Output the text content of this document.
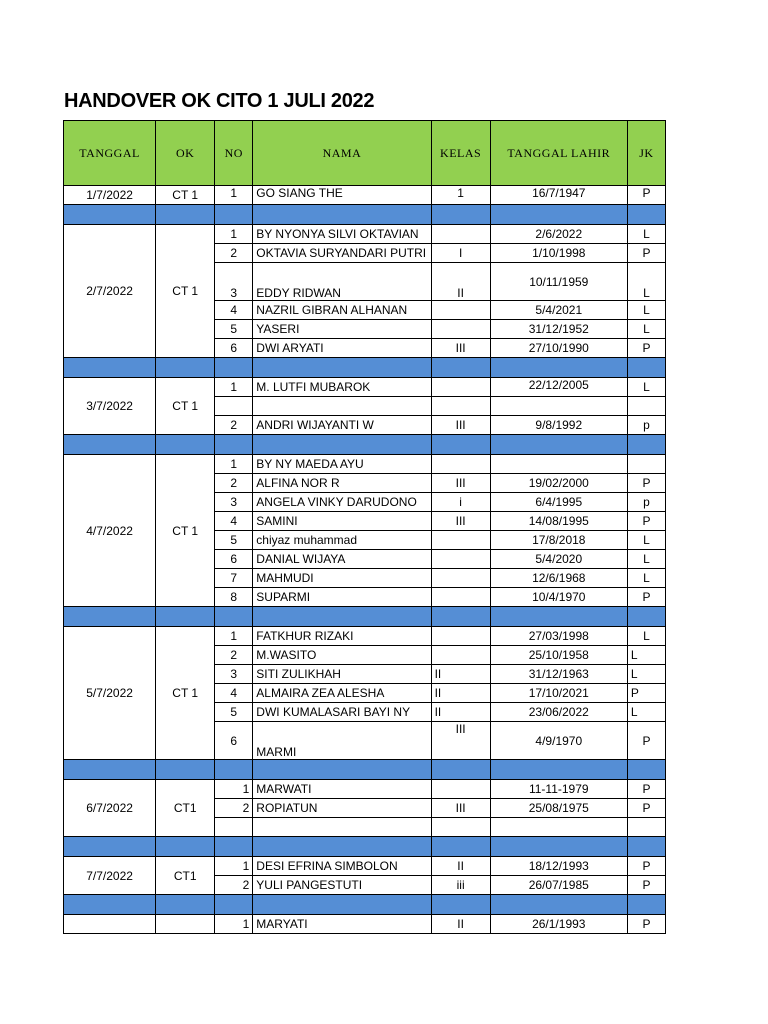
HANDOVER OK CITO 1 JULI 2022
TANGGAL	OK	NO	NAMA	KELAS	TANGGAL LAHIR	JK
1/7/2022	CT 1	1	GO SIANG THE	1	16/7/1947	P

2/7/2022	CT 1	1	BY NYONYA SILVI OKTAVIAN		2/6/2022	L
		2	OKTAVIA SURYANDARI PUTRI	I	1/10/1998	P
		3	EDDY RIDWAN	II	10/11/1959	L
		4	NAZRIL GIBRAN ALHANAN		5/4/2021	L
		5	YASERI		31/12/1952	L
		6	DWI ARYATI	III	27/10/1990	P

3/7/2022	CT 1	1	M. LUTFI MUBAROK		22/12/2005	L

		2	ANDRI WIJAYANTI W	III	9/8/1992	p

4/7/2022	CT 1	1	BY NY MAEDA AYU			
		2	ALFINA NOR R	III	19/02/2000	P
		3	ANGELA VINKY DARUDONO	i	6/4/1995	p
		4	SAMINI	III	14/08/1995	P
		5	chiyaz muhammad		17/8/2018	L
		6	DANIAL WIJAYA		5/4/2020	L
		7	MAHMUDI		12/6/1968	L
		8	SUPARMI		10/4/1970	P

5/7/2022	CT 1	1	FATKHUR RIZAKI		27/03/1998	L
		2	M.WASITO		25/10/1958	L
		3	SITI ZULIKHAH	II	31/12/1963	L
		4	ALMAIRA ZEA ALESHA	II	17/10/2021	P
		5	DWI KUMALASARI BAYI NY	II	23/06/2022	L
		6	MARMI	III	4/9/1970	P

6/7/2022	CT1	1	MARWATI		11-11-1979	P
		2	ROPIATUN	III	25/08/1975	P

7/7/2022	CT1	1	DESI EFRINA SIMBOLON	II	18/12/1993	P
		2	YULI PANGESTUTI	iii	26/07/1985	P

		1	MARYATI	II	26/1/1993	P
